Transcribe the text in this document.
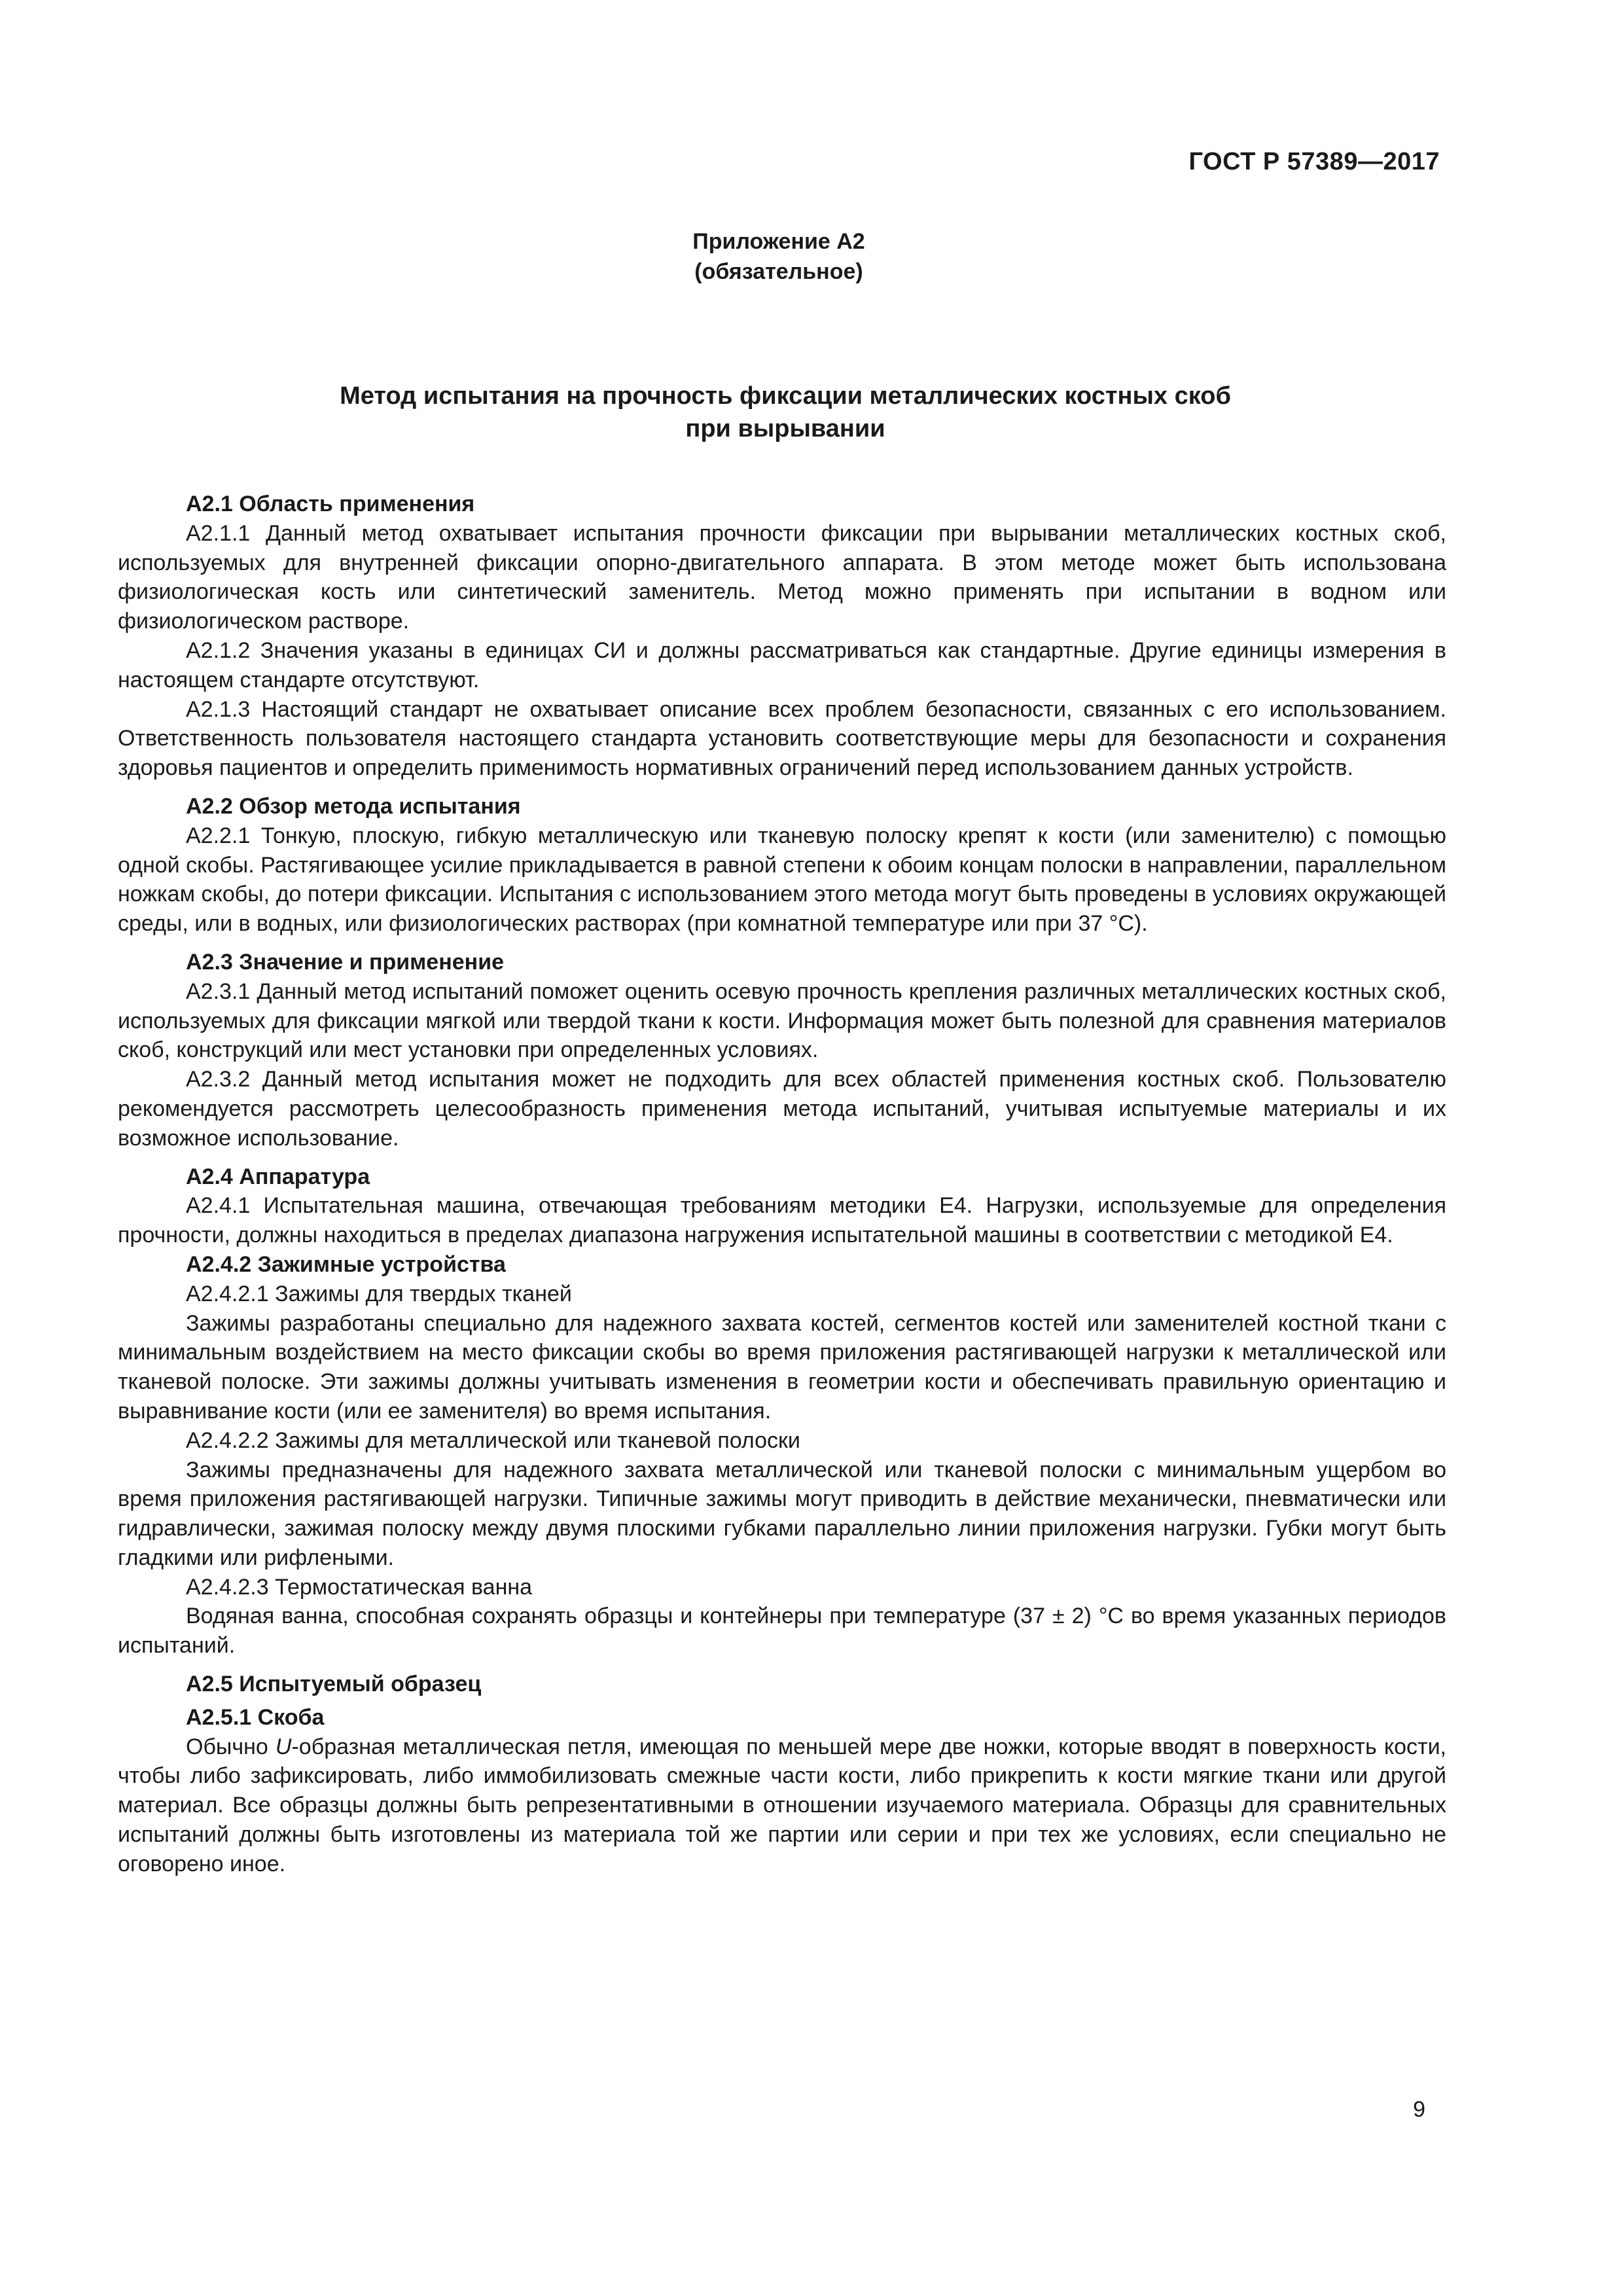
ГОСТ Р 57389—2017
Приложение А2
(обязательное)
Метод испытания на прочность фиксации металлических костных скоб
при вырывании

А2.1 Область применения

А2.1.1 Данный метод охватывает испытания прочности фиксации при вырывании металлических костных скоб, используемых для внутренней фиксации опорно-двигательного аппарата. В этом методе может быть использована физиологическая кость или синтетический заменитель. Метод можно применять при испытании в водном или физиологическом растворе.

А2.1.2 Значения указаны в единицах СИ и должны рассматриваться как стандартные. Другие единицы измерения в настоящем стандарте отсутствуют.

А2.1.3 Настоящий стандарт не охватывает описание всех проблем безопасности, связанных с его использованием. Ответственность пользователя настоящего стандарта установить соответствующие меры для безопасности и сохранения здоровья пациентов и определить применимость нормативных ограничений перед использованием данных устройств.

А2.2 Обзор метода испытания

А2.2.1 Тонкую, плоскую, гибкую металлическую или тканевую полоску крепят к кости (или заменителю) с помощью одной скобы. Растягивающее усилие прикладывается в равной степени к обоим концам полоски в направлении, параллельном ножкам скобы, до потери фиксации. Испытания с использованием этого метода могут быть проведены в условиях окружающей среды, или в водных, или физиологических растворах (при комнатной температуре или при 37 °С).

А2.3 Значение и применение

А2.3.1 Данный метод испытаний поможет оценить осевую прочность крепления различных металлических костных скоб, используемых для фиксации мягкой или твердой ткани к кости. Информация может быть полезной для сравнения материалов скоб, конструкций или мест установки при определенных условиях.

А2.3.2 Данный метод испытания может не подходить для всех областей применения костных скоб. Пользователю рекомендуется рассмотреть целесообразность применения метода испытаний, учитывая испытуемые материалы и их возможное использование.

А2.4 Аппаратура

А2.4.1 Испытательная машина, отвечающая требованиям методики Е4. Нагрузки, используемые для определения прочности, должны находиться в пределах диапазона нагружения испытательной машины в соответствии с методикой Е4.

А2.4.2 Зажимные устройства

А2.4.2.1 Зажимы для твердых тканей

Зажимы разработаны специально для надежного захвата костей, сегментов костей или заменителей костной ткани с минимальным воздействием на место фиксации скобы во время приложения растягивающей нагрузки к металлической или тканевой полоске. Эти зажимы должны учитывать изменения в геометрии кости и обеспечивать правильную ориентацию и выравнивание кости (или ее заменителя) во время испытания.

А2.4.2.2 Зажимы для металлической или тканевой полоски

Зажимы предназначены для надежного захвата металлической или тканевой полоски с минимальным ущербом во время приложения растягивающей нагрузки. Типичные зажимы могут приводить в действие механически, пневматически или гидравлически, зажимая полоску между двумя плоскими губками параллельно линии приложения нагрузки. Губки могут быть гладкими или рифлеными.

А2.4.2.3 Термостатическая ванна

Водяная ванна, способная сохранять образцы и контейнеры при температуре (37 ± 2) °С во время указанных периодов испытаний.

А2.5 Испытуемый образец

А2.5.1 Скоба

Обычно U-образная металлическая петля, имеющая по меньшей мере две ножки, которые вводят в поверхность кости, чтобы либо зафиксировать, либо иммобилизовать смежные части кости, либо прикрепить к кости мягкие ткани или другой материал. Все образцы должны быть репрезентативными в отношении изучаемого материала. Образцы для сравнительных испытаний должны быть изготовлены из материала той же партии или серии и при тех же условиях, если специально не оговорено иное.

9
